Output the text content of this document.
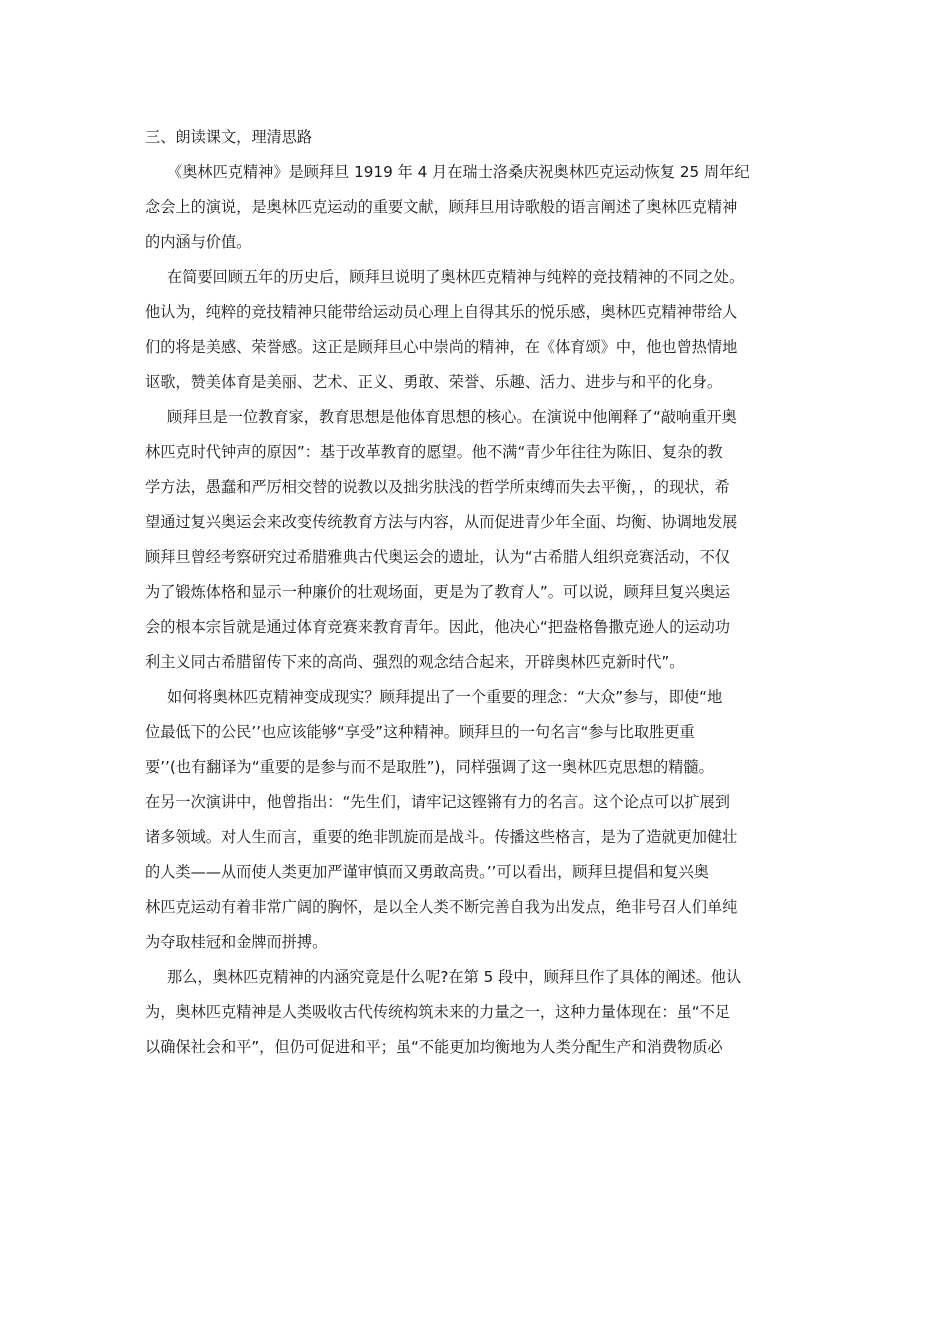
三、朗读课文，理清思路

《奥林匹克精神》是顾拜旦 1919 年 4 月在瑞士洛桑庆祝奥林匹克运动恢复 25 周年纪
念会上的演说，是奥林匹克运动的重要文献，顾拜旦用诗歌般的语言阐述了奥林匹克精神
的内涵与价值。

在简要回顾五年的历史后，顾拜旦说明了奥林匹克精神与纯粹的竞技精神的不同之处。
他认为，纯粹的竞技精神只能带给运动员心理上自得其乐的悦乐感，奥林匹克精神带给人
们的将是美感、荣誉感。这正是顾拜旦心中崇尚的精神，在《体育颂》中，他也曾热情地
讴歌，赞美体育是美丽、艺术、正义、勇敢、荣誉、乐趣、活力、进步与和平的化身。

顾拜旦是一位教育家，教育思想是他体育思想的核心。在演说中他阐释了“敲响重开奥
林匹克时代钟声的原因”：基于改革教育的愿望。他不满“青少年往往为陈旧、复杂的教
学方法，愚蠢和严厉相交替的说教以及拙劣肤浅的哲学所束缚而失去平衡，，的现状，希
望通过复兴奥运会来改变传统教育方法与内容，从而促进青少年全面、均衡、协调地发展
顾拜旦曾经考察研究过希腊雅典古代奥运会的遗址，认为“古希腊人组织竞赛活动，不仅
为了锻炼体格和显示一种廉价的壮观场面，更是为了教育人”。可以说，顾拜旦复兴奥运
会的根本宗旨就是通过体育竞赛来教育青年。因此，他决心“把盎格鲁撒克逊人的运动功
利主义同古希腊留传下来的高尚、强烈的观念结合起来，开辟奥林匹克新时代”。

如何将奥林匹克精神变成现实？顾拜提出了一个重要的理念：“大众”参与，即使“地
位最低下的公民’’也应该能够“享受”这种精神。顾拜旦的一句名言“参与比取胜更重
要’’(也有翻译为“重要的是参与而不是取胜”)，同样强调了这一奥林匹克思想的精髓。
在另一次演讲中，他曾指出：“先生们，请牢记这铿锵有力的名言。这个论点可以扩展到
诸多领域。对人生而言，重要的绝非凯旋而是战斗。传播这些格言，是为了造就更加健壮
的人类——从而使人类更加严谨审慎而又勇敢高贵。’’可以看出，顾拜旦提倡和复兴奥
林匹克运动有着非常广阔的胸怀，是以全人类不断完善自我为出发点，绝非号召人们单纯
为夺取桂冠和金牌而拼搏。

那么，奥林匹克精神的内涵究竟是什么呢?在第 5 段中，顾拜旦作了具体的阐述。他认
为，奥林匹克精神是人类吸收古代传统构筑未来的力量之一，这种力量体现在：虽“不足
以确保社会和平”，但仍可促进和平；虽“不能更加均衡地为人类分配生产和消费物质必
